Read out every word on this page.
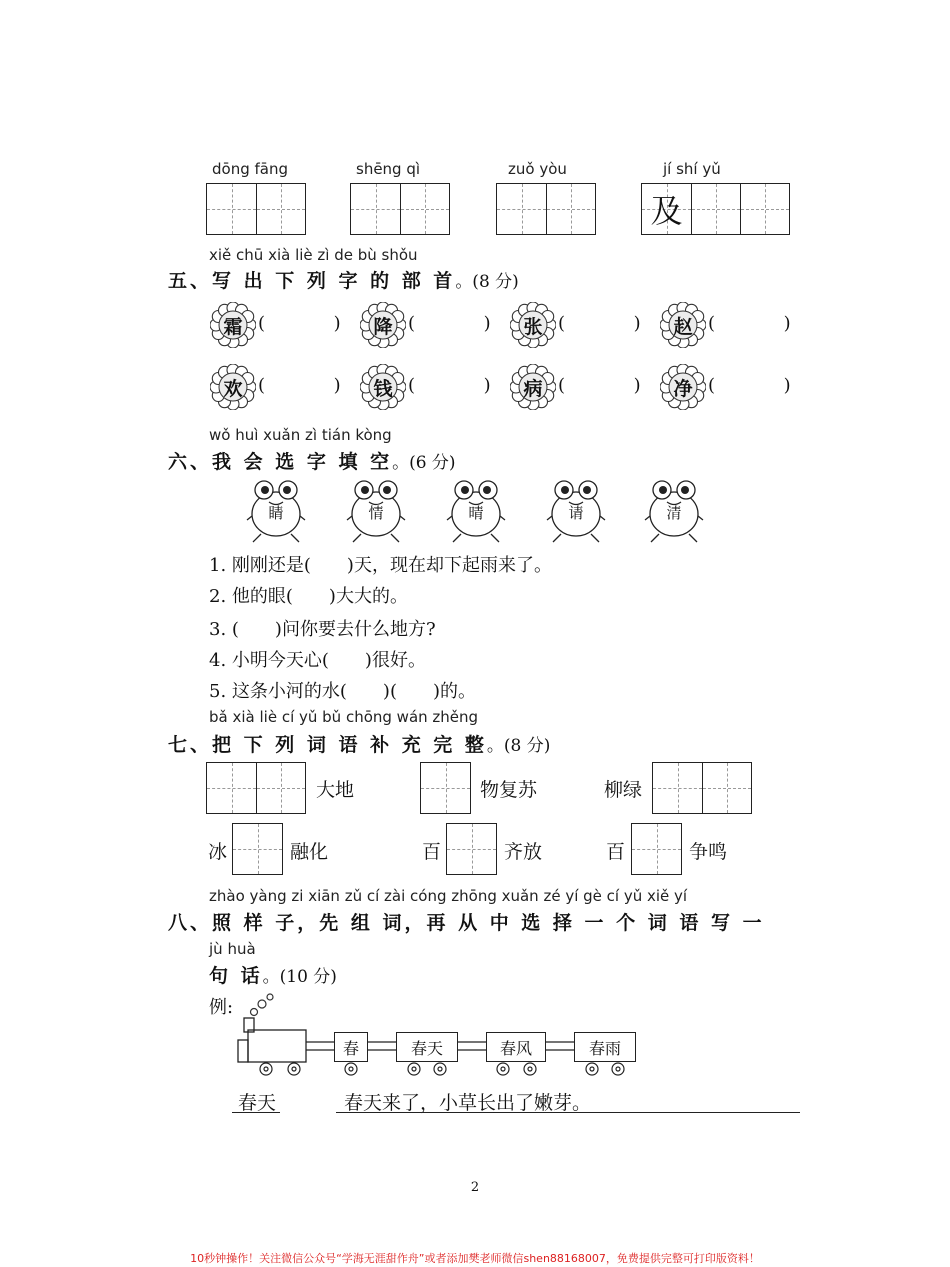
dōng fāng	shēng qì	zuǒ yòu	jí shí yǔ
及
xiě chū xià liè zì de bù shǒu
五、写 出 下 列 字 的 部 首。(8 分)
霜 (            )	降 (            )	张 (            )	赵 (            )
欢 (            )	钱 (            )	病 (            )	净 (            )
wǒ huì xuǎn zì tián kòng
六、我 会 选 字 填 空。(6 分)
睛	情	晴	请	清
1. 刚刚还是(　　)天，现在却下起雨来了。
2. 他的眼(　　)大大的。
3. (　　)问你要去什么地方?
4. 小明今天心(　　)很好。
5. 这条小河的水(　　)(　　)的。
bǎ xià liè cí yǔ bǔ chōng wán zhěng
七、把 下 列 词 语 补 充 完 整。(8 分)
大地	物复苏	柳绿
冰	融化	百	齐放	百	争鸣
zhào yàng zi xiān zǔ cí zài cóng zhōng xuǎn zé yí gè cí yǔ xiě yí
八、照 样 子，先 组 词，再 从 中 选 择 一 个 词 语 写 一
jù huà
句 话。(10 分)
例:
春	春天	春风	春雨
春天	春天来了，小草长出了嫩芽。
2
10秒钟操作！关注微信公众号“学海无涯甜作舟”或者添加樊老师微信shen88168007，免费提供完整可打印版资料！
